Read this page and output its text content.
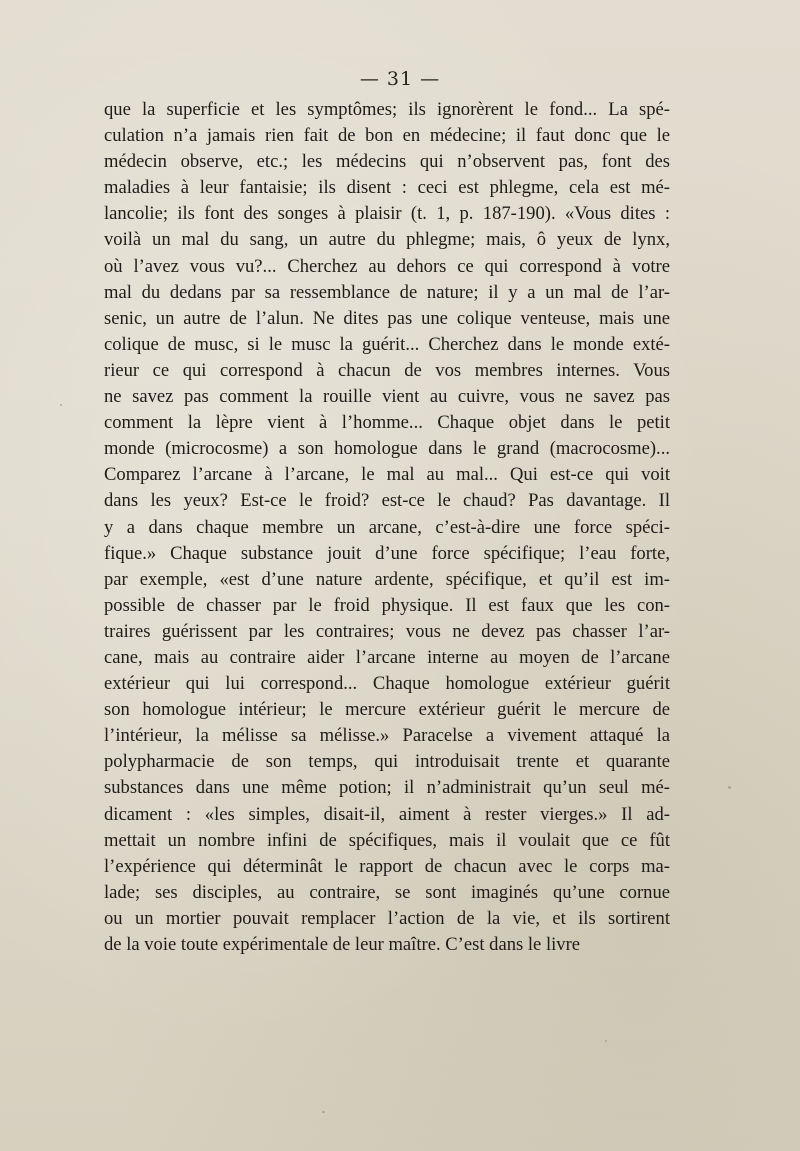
— 31 —
que la superficie et les symptômes; ils ignorèrent le fond... La spé-
culation n’a jamais rien fait de bon en médecine; il faut donc que le
médecin observe, etc.; les médecins qui n’observent pas, font des
maladies à leur fantaisie; ils disent : ceci est phlegme, cela est mé-
lancolie; ils font des songes à plaisir (t. 1, p. 187-190). «Vous dites :
voilà un mal du sang, un autre du phlegme; mais, ô yeux de lynx,
où l’avez vous vu?... Cherchez au dehors ce qui correspond à votre
mal du dedans par sa ressemblance de nature; il y a un mal de l’ar-
senic, un autre de l’alun. Ne dites pas une colique venteuse, mais une
colique de musc, si le musc la guérit... Cherchez dans le monde exté-
rieur ce qui correspond à chacun de vos membres internes. Vous
ne savez pas comment la rouille vient au cuivre, vous ne savez pas
comment la lèpre vient à l’homme... Chaque objet dans le petit
monde (microcosme) a son homologue dans le grand (macrocosme)...
Comparez l’arcane à l’arcane, le mal au mal... Qui est-ce qui voit
dans les yeux? Est-ce le froid? est-ce le chaud? Pas davantage. Il
y a dans chaque membre un arcane, c’est-à-dire une force spéci-
fique.» Chaque substance jouit d’une force spécifique; l’eau forte,
par exemple, «est d’une nature ardente, spécifique, et qu’il est im-
possible de chasser par le froid physique. Il est faux que les con-
traires guérissent par les contraires; vous ne devez pas chasser l’ar-
cane, mais au contraire aider l’arcane interne au moyen de l’arcane
extérieur qui lui correspond... Chaque homologue extérieur guérit
son homologue intérieur; le mercure extérieur guérit le mercure de
l’intérieur, la mélisse sa mélisse.» Paracelse a vivement attaqué la
polypharmacie de son temps, qui introduisait trente et quarante
substances dans une même potion; il n’administrait qu’un seul mé-
dicament : «les simples, disait-il, aiment à rester vierges.» Il ad-
mettait un nombre infini de spécifiques, mais il voulait que ce fût
l’expérience qui déterminât le rapport de chacun avec le corps ma-
lade; ses disciples, au contraire, se sont imaginés qu’une cornue
ou un mortier pouvait remplacer l’action de la vie, et ils sortirent
de la voie toute expérimentale de leur maître. C’est dans le livre
